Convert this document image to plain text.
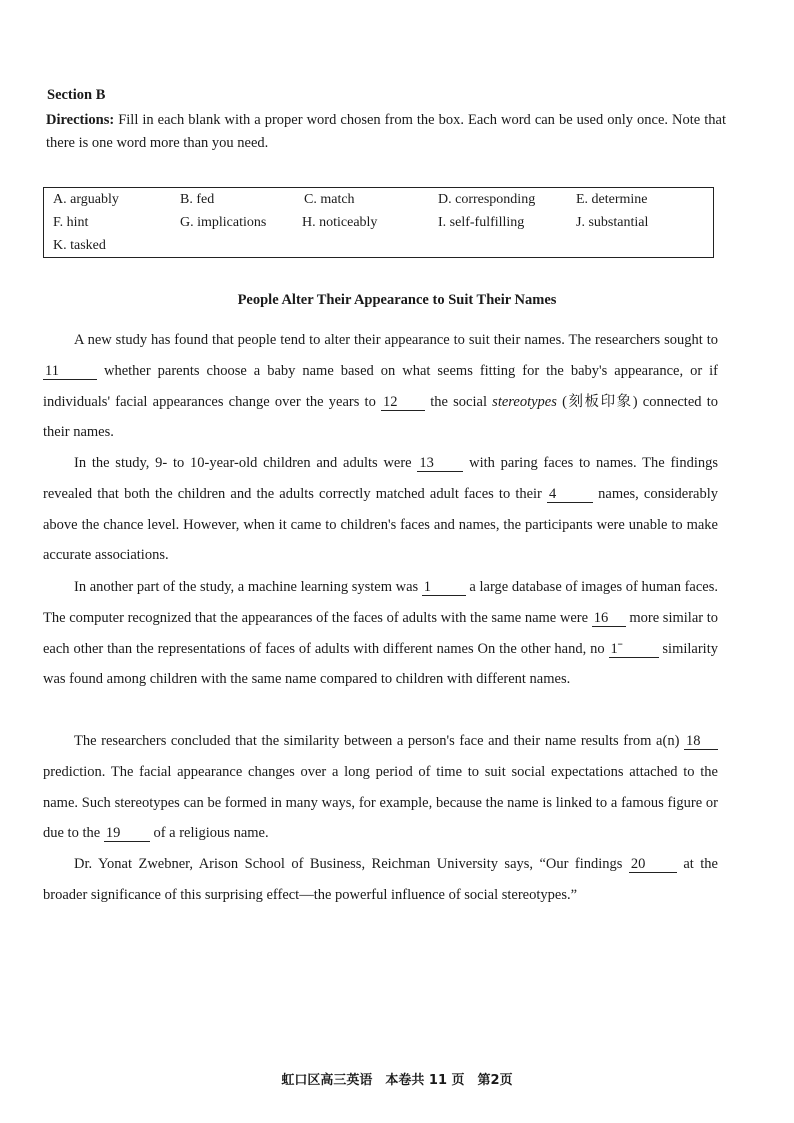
Section B
Directions: Fill in each blank with a proper word chosen from the box. Each word can be used only once. Note that there is one word more than you need.
A. arguably	B. fed	C. match	D. corresponding	E. determine
F. hint	G. implications	H. noticeably	I. self-fulfilling	J. substantial
K. tasked
People Alter Their Appearance to Suit Their Names
A new study has found that people tend to alter their appearance to suit their names. The researchers sought to 11	whether parents choose a baby name based on what seems fitting for the baby's appearance, or if individuals' facial appearances change over the years to 12 the social stereotypes (刻板印象) connected to their names.
In the study, 9- to 10-year-old children and adults were 13 with paring faces to names. The findings revealed that both the children and the adults correctly matched adult faces to their 4	names, considerably above the chance level. However, when it came to children's faces and names, the participants were unable to make accurate associations.
In another part of the study, a machine learning system was 1 a large database of images of human faces. The computer recognized that the appearances of the faces of adults with the same name were 16 more similar to each other than the representations of faces of adults with different names On the other hand, no 1ˉ similarity was found among children with the same name compared to children with different names.
The researchers concluded that the similarity between a person's face and their name results from a(n) 18 prediction. The facial appearance changes over a long period of time to suit social expectations attached to the name. Such stereotypes can be formed in many ways, for example, because the name is linked to a famous figure or due to the 19 of a religious name.
Dr. Yonat Zwebner, Arison School of Business, Reichman University says, “Our findings 20 at the broader significance of this surprising effect—the powerful influence of social stereotypes.”
虹口区高三英语　本卷共 11 页　第2页
